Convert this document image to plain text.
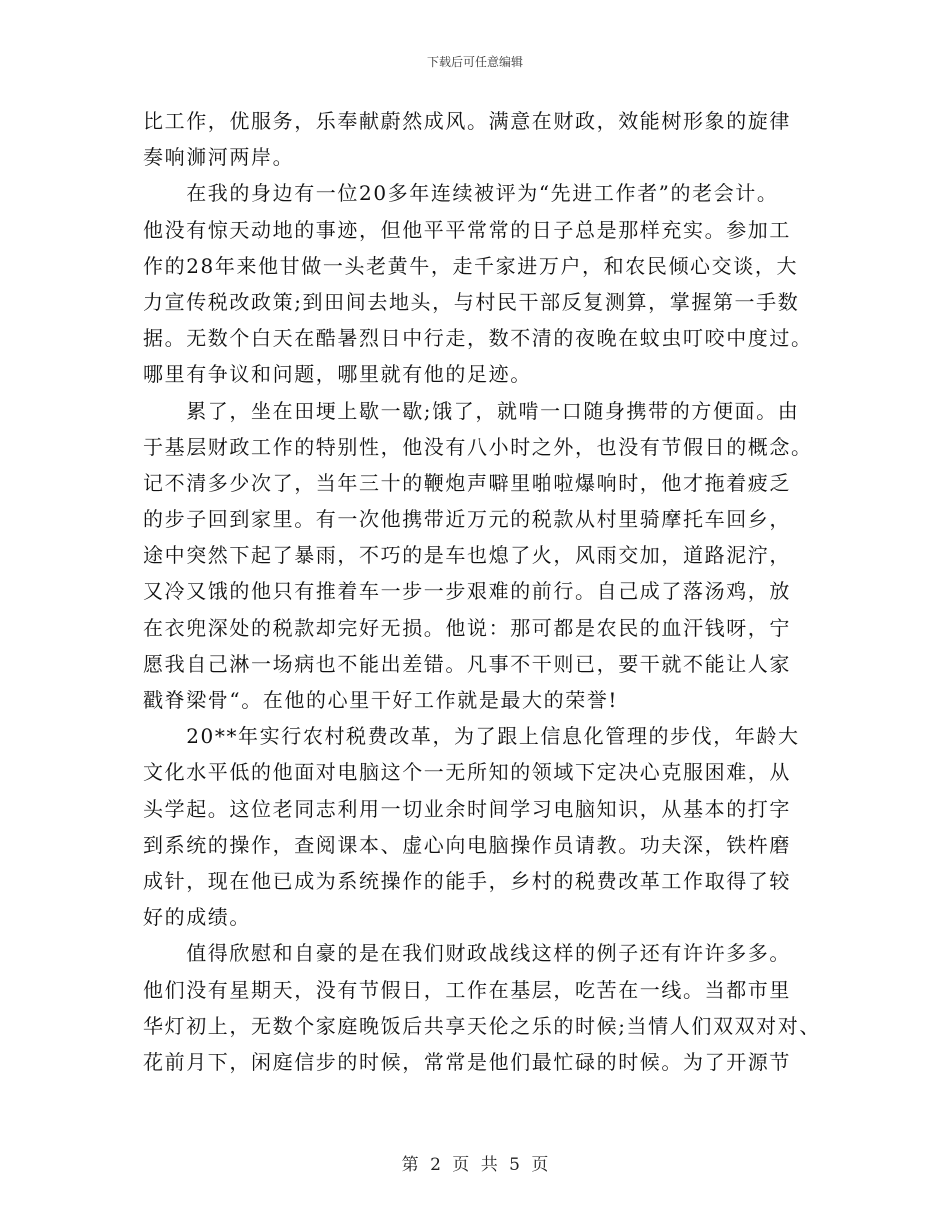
下载后可任意编辑
比工作，优服务，乐奉献蔚然成风。满意在财政，效能树形象的旋律
奏响浉河两岸。
　　在我的身边有一位20多年连续被评为“先进工作者”的老会计。
他没有惊天动地的事迹，但他平平常常的日子总是那样充实。参加工
作的28年来他甘做一头老黄牛，走千家进万户，和农民倾心交谈，大
力宣传税改政策;到田间去地头，与村民干部反复测算，掌握第一手数
据。无数个白天在酷暑烈日中行走，数不清的夜晚在蚊虫叮咬中度过。
哪里有争议和问题，哪里就有他的足迹。
　　累了，坐在田埂上歇一歇;饿了，就啃一口随身携带的方便面。由
于基层财政工作的特别性，他没有八小时之外，也没有节假日的概念。
记不清多少次了，当年三十的鞭炮声噼里啪啦爆响时，他才拖着疲乏
的步子回到家里。有一次他携带近万元的税款从村里骑摩托车回乡，
途中突然下起了暴雨，不巧的是车也熄了火，风雨交加，道路泥泞，
又冷又饿的他只有推着车一步一步艰难的前行。自己成了落汤鸡，放
在衣兜深处的税款却完好无损。他说：那可都是农民的血汗钱呀，宁
愿我自己淋一场病也不能出差错。凡事不干则已，要干就不能让人家
戳脊梁骨“。在他的心里干好工作就是最大的荣誉!
　　20**年实行农村税费改革，为了跟上信息化管理的步伐，年龄大
文化水平低的他面对电脑这个一无所知的领域下定决心克服困难，从
头学起。这位老同志利用一切业余时间学习电脑知识，从基本的打字
到系统的操作，查阅课本、虚心向电脑操作员请教。功夫深，铁杵磨
成针，现在他已成为系统操作的能手，乡村的税费改革工作取得了较
好的成绩。
　　值得欣慰和自豪的是在我们财政战线这样的例子还有许许多多。
他们没有星期天，没有节假日，工作在基层，吃苦在一线。当都市里
华灯初上，无数个家庭晚饭后共享天伦之乐的时候;当情人们双双对对、
花前月下，闲庭信步的时候，常常是他们最忙碌的时候。为了开源节
第 2 页 共 5 页
